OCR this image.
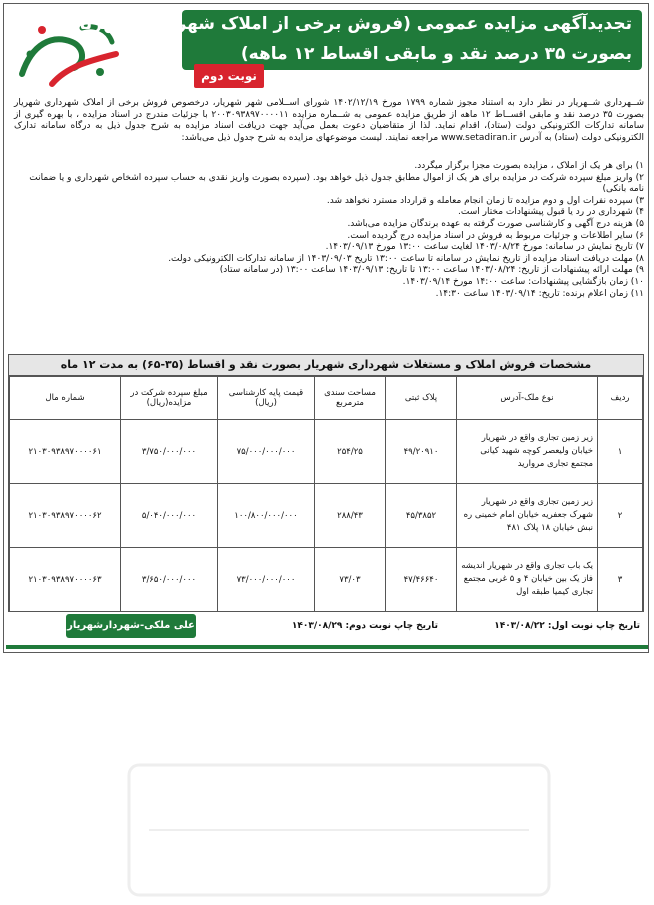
تجدیدآگهی مزایده عمومی (فروش برخی از املاک شهرداری شهریار
بصورت ۳۵ درصد نقد و مابقی اقساط ۱۲ ماهه)
نوبت دوم

شــهرداری شــهریار در نظر دارد به استناد مجوز شماره ۱۷۹۹ مورخ ۱۴۰۲/۱۲/۱۹ شورای اســلامی شهر شهریار، درخصوص فروش برخی از املاک شهرداری شهریار بصورت ۳۵ درصد نقد و مابقی اقســاط ۱۲ ماهه از طریق مزایده عمومی به شــماره مزایده ۲۰۰۳۰۹۳۸۹۷۰۰۰۰۱۱ با جزئیات مندرج در اسناد مزایده ، با بهره گیری از سامانه تدارکات الکترونیکی دولت (ستاد)، اقدام نماید. لذا از متقاضیان دعوت بعمل می‌آید جهت دریافت اسناد مزایده به شرح جدول ذیل به درگاه سامانه تدارک الکترونیکی دولت (ستاد) به آدرس www.setadiran.ir مراجعه نمایند. لیست موضوعهای مزایده به شرح جدول ذیل می‌باشد:

۱) برای هر یک از املاک ، مزایده بصورت مجزا برگزار میگردد.
۲) واریز مبلغ سپرده شرکت در مزایده برای هر یک از اموال مطابق جدول ذیل خواهد بود. (سپرده بصورت واریز نقدی به حساب سپرده اشخاص شهرداری و یا ضمانت نامه بانکی)
۳) سپرده نفرات اول و دوم مزایده تا زمان انجام معامله و قرارداد مسترد نخواهد شد.
۴) شهرداری در رد یا قبول پیشنهادات مختار است.
۵) هزینه درج آگهی و کارشناسی صورت گرفته به عهده برندگان مزایده می‌باشد.
۶) سایر اطلاعات و جزئیات مربوط به فروش در اسناد مزایده درج گردیده است.
۷) تاریخ نمایش در سامانه: مورخ ۱۴۰۳/۰۸/۲۴ لغایت ساعت ۱۳:۰۰ مورخ ۱۴۰۳/۰۹/۱۳.
۸) مهلت دریافت اسناد مزایده از تاریخ نمایش در سامانه تا ساعت ۱۳:۰۰ تاریخ ۱۴۰۳/۰۹/۰۳ از سامانه تدارکات الکترونیکی دولت.
۹) مهلت ارائه پیشنهادات از تاریخ: ۱۴۰۳/۰۸/۲۴ ساعت ۱۳:۰۰ تا تاریخ: ۱۴۰۳/۰۹/۱۳ ساعت ۱۳:۰۰ (در سامانه ستاد)
۱۰) زمان بازگشایی پیشنهادات: ساعت ۱۴:۰۰ مورخ ۱۴۰۳/۰۹/۱۴.
۱۱) زمان اعلام برنده: تاریخ: ۱۴۰۳/۰۹/۱۴ ساعت ۱۴:۳۰.
مشخصات فروش املاک و مستغلات شهرداری شهریار بصورت نقد و اقساط (۳۵-۶۵) به مدت ۱۲ ماه
ردیف	نوع ملک-آدرس	پلاک ثبتی	مساحت سندی مترمربع	قیمت پایه کارشناسی (ریال)	مبلغ سپرده شرکت در مزایده(ریال)	شماره مال
۱	زیر زمین تجاری واقع در شهریار خیابان ولیعصر کوچه شهید کیانی مجتمع تجاری مروارید	۴۹/۲۰۹۱۰	۲۵۴/۲۵	۷۵/۰۰۰/۰۰۰/۰۰۰	۳/۷۵۰/۰۰۰/۰۰۰	۲۱۰۳۰۹۳۸۹۷۰۰۰۰۶۱
۲	زیر زمین تجاری واقع در شهریار شهرک جعفریه خیابان امام خمینی ره نبش خیابان ۱۸ پلاک ۴۸۱	۴۵/۳۸۵۲	۲۸۸/۴۳	۱۰۰/۸۰۰/۰۰۰/۰۰۰	۵/۰۴۰/۰۰۰/۰۰۰	۲۱۰۳۰۹۳۸۹۷۰۰۰۰۶۲
۳	یک باب تجاری واقع در شهریار اندیشه فاز یک بین خیابان ۴ و ۵ غربی مجتمع تجاری کیمیا طبقه اول	۴۷/۴۶۶۴۰	۷۳/۰۳	۷۳/۰۰۰/۰۰۰/۰۰۰	۳/۶۵۰/۰۰۰/۰۰۰	۲۱۰۳۰۹۳۸۹۷۰۰۰۰۶۳
تاریخ چاپ نوبت اول: ۱۴۰۳/۰۸/۲۲
تاریخ چاپ نوبت دوم: ۱۴۰۳/۰۸/۲۹
علی ملکی-شهردارشهریار
